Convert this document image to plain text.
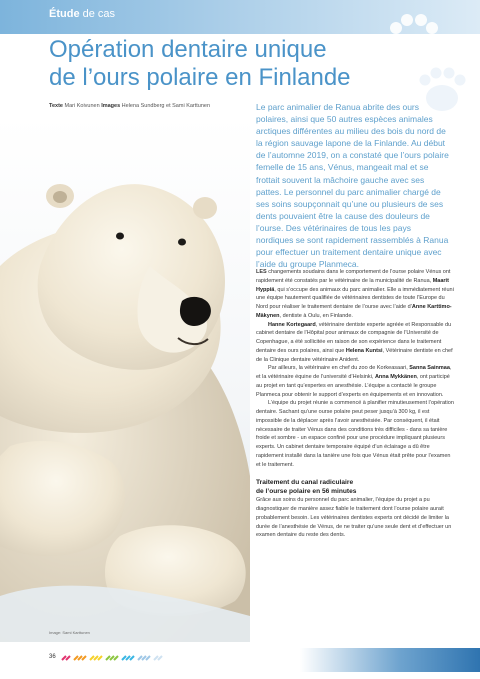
Étude de cas
Opération dentaire unique
de l’ours polaire en Finlande
Texte Mari Koivunen Images Helena Sundberg et Sami Karttunen
Image: Sami Karttunen

Le parc animalier de Ranua abrite des ours polaires, ainsi que 50 autres espèces animales arctiques différentes au milieu des bois du nord de la région sauvage lapone de la Finlande. Au début de l’automne 2019, on a constaté que l’ours polaire femelle de 15 ans, Vénus, mangeait mal et se frottait souvent la mâchoire gauche avec ses pattes. Le personnel du parc animalier chargé de ses soins soupçonnait qu’une ou plusieurs de ses dents pouvaient être la cause des douleurs de l’ourse. Des vétérinaires de tous les pays nordiques se sont rapidement rassemblés à Ranua pour effectuer un traitement dentaire unique avec l’aide du groupe Planmeca.

LES changements soudains dans le comportement de l’ourse polaire Vénus ont rapidement été constatés par le vétérinaire de la municipalité de Ranua, Maarit Hyppiä, qui s’occupe des animaux du parc animalier. Elle a immédiatement réuni une équipe hautement qualifiée de vétérinaires dentistes de toute l’Europe du Nord pour réaliser le traitement dentaire de l’ourse avec l’aide d’Anne Karttimo-Mäkynen, dentiste à Oulu, en Finlande.

Hanne Kortegaard, vétérinaire dentiste experte agréée et Responsable du cabinet dentaire de l’Hôpital pour animaux de compagnie de l’Université de Copenhague, a été sollicitée en raison de son expérience dans le traitement dentaire des ours polaires, ainsi que Helena Kuntsi, Vétérinaire dentiste en chef de la Clinique dentaire vétérinaire Anident.

Par ailleurs, la vétérinaire en chef du zoo de Korkeasaari, Sanna Sainmaa, et la vétérinaire équine de l’université d’Helsinki, Anna Mykkänen, ont participé au projet en tant qu’expertes en anesthésie. L’équipe a contacté le groupe Planmeca pour obtenir le support d’experts en équipements et en innovation.

L’équipe du projet réunie a commencé à planifier minutieusement l’opération dentaire. Sachant qu’une ourse polaire peut peser jusqu’à 300 kg, il est impossible de la déplacer après l’avoir anesthésiée. Par conséquent, il était nécessaire de traiter Vénus dans des conditions très difficiles - dans sa tanière froide et sombre - un espace confiné pour une procédure impliquant plusieurs experts. Un cabinet dentaire temporaire équipé d’un éclairage a dû être rapidement installé dans la tanière une fois que Vénus était prête pour l’examen et le traitement.

Traitement du canal radiculaire
de l’ourse polaire en 56 minutes

Grâce aux soins du personnel du parc animalier, l’équipe du projet a pu diagnostiquer de manière assez fiable le traitement dont l’ourse polaire aurait probablement besoin. Les vétérinaires dentistes experts ont décidé de limiter la durée de l’anesthésie de Vénus, de ne traiter qu’une seule dent et d’effectuer un examen dentaire du reste des dents.

36
